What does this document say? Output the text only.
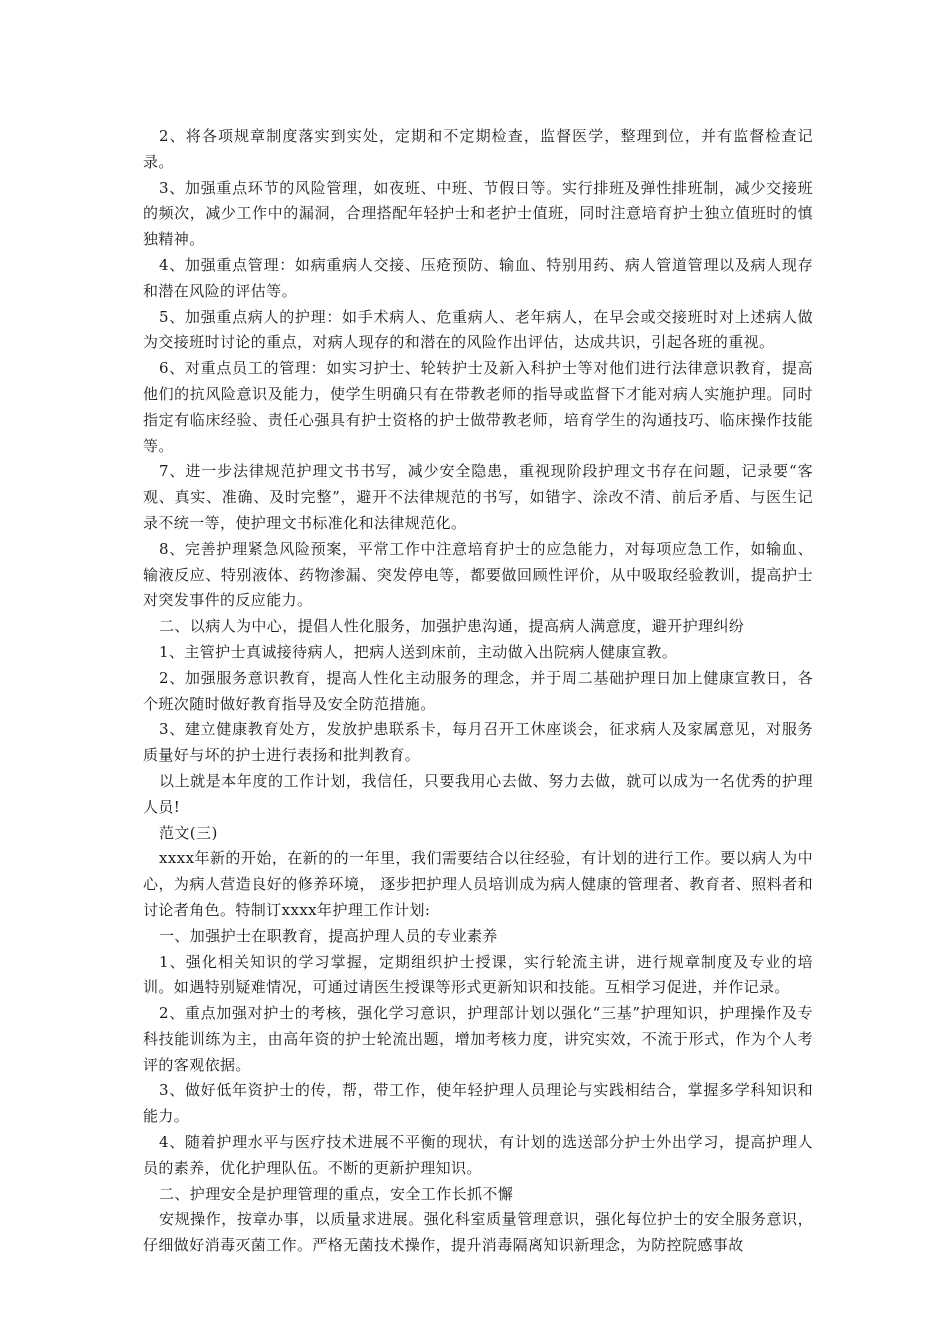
2、将各项规章制度落实到实处，定期和不定期检查，监督医学，整理到位，并有监督检查记录。

3、加强重点环节的风险管理，如夜班、中班、节假日等。实行排班及弹性排班制，减少交接班的频次，减少工作中的漏洞，合理搭配年轻护士和老护士值班，同时注意培育护士独立值班时的慎独精神。

4、加强重点管理：如病重病人交接、压疮预防、输血、特别用药、病人管道管理以及病人现存和潜在风险的评估等。

5、加强重点病人的护理：如手术病人、危重病人、老年病人，在早会或交接班时对上述病人做为交接班时讨论的重点，对病人现存的和潜在的风险作出评估，达成共识，引起各班的重视。

6、对重点员工的管理：如实习护士、轮转护士及新入科护士等对他们进行法律意识教育，提高他们的抗风险意识及能力，使学生明确只有在带教老师的指导或监督下才能对病人实施护理。同时指定有临床经验、责任心强具有护士资格的护士做带教老师，培育学生的沟通技巧、临床操作技能等。

7、进一步法律规范护理文书书写，减少安全隐患，重视现阶段护理文书存在问题，记录要“客观、真实、准确、及时完整”，避开不法律规范的书写，如错字、涂改不清、前后矛盾、与医生记录不统一等，使护理文书标准化和法律规范化。

8、完善护理紧急风险预案，平常工作中注意培育护士的应急能力，对每项应急工作，如输血、输液反应、特别液体、药物渗漏、突发停电等，都要做回顾性评价，从中吸取经验教训，提高护士对突发事件的反应能力。

二、以病人为中心，提倡人性化服务，加强护患沟通，提高病人满意度，避开护理纠纷

1、主管护士真诚接待病人，把病人送到床前，主动做入出院病人健康宣教。

2、加强服务意识教育，提高人性化主动服务的理念，并于周二基础护理日加上健康宣教日，各个班次随时做好教育指导及安全防范措施。

3、建立健康教育处方，发放护患联系卡，每月召开工休座谈会，征求病人及家属意见，对服务质量好与坏的护士进行表扬和批判教育。

以上就是本年度的工作计划，我信任，只要我用心去做、努力去做，就可以成为一名优秀的护理人员!

范文(三)

xxxx年新的开始，在新的的一年里，我们需要结合以往经验，有计划的进行工作。要以病人为中心，为病人营造良好的修养环境， 逐步把护理人员培训成为病人健康的管理者、教育者、照料者和讨论者角色。特制订xxxx年护理工作计划:

一、加强护士在职教育，提高护理人员的专业素养

1、强化相关知识的学习掌握，定期组织护士授课，实行轮流主讲，进行规章制度及专业的培训。如遇特别疑难情况，可通过请医生授课等形式更新知识和技能。互相学习促进，并作记录。

2、重点加强对护士的考核，强化学习意识，护理部计划以强化“三基”护理知识，护理操作及专科技能训练为主，由高年资的护士轮流出题，增加考核力度，讲究实效，不流于形式，作为个人考评的客观依据。

3、做好低年资护士的传，帮，带工作，使年轻护理人员理论与实践相结合，掌握多学科知识和能力。

4、随着护理水平与医疗技术进展不平衡的现状，有计划的选送部分护士外出学习，提高护理人员的素养，优化护理队伍。不断的更新护理知识。

二、护理安全是护理管理的重点，安全工作长抓不懈

安规操作，按章办事，以质量求进展。强化科室质量管理意识，强化每位护士的安全服务意识，仔细做好消毒灭菌工作。严格无菌技术操作，提升消毒隔离知识新理念，为防控院感事故
